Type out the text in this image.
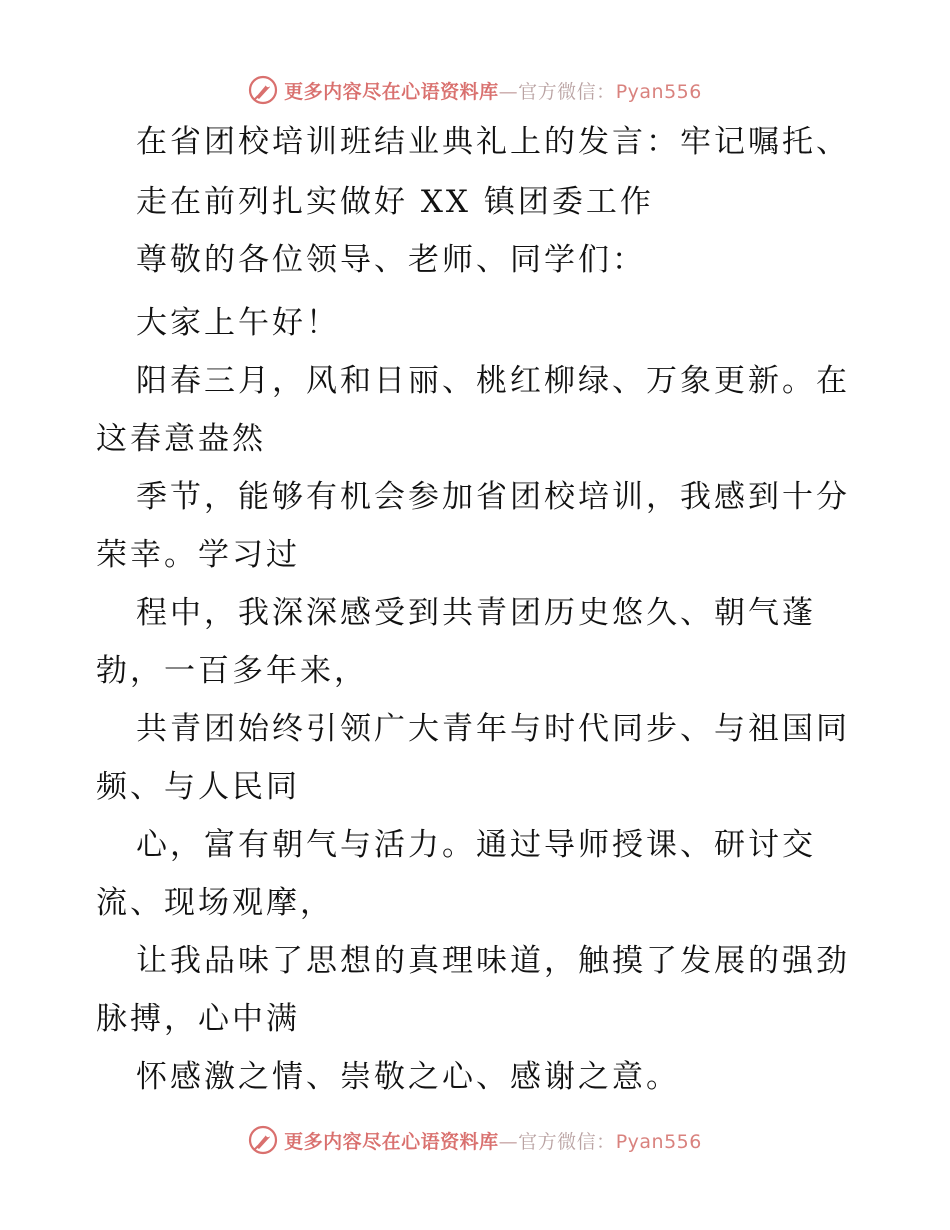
更多内容尽在心语资料库—官方微信：Pyan556
在省团校培训班结业典礼上的发言：牢记嘱托、
走在前列扎实做好 XX 镇团委工作
尊敬的各位领导、老师、同学们：
大家上午好！
阳春三月，风和日丽、桃红柳绿、万象更新。在
这春意盎然
季节，能够有机会参加省团校培训，我感到十分
荣幸。学习过
程中，我深深感受到共青团历史悠久、朝气蓬
勃，一百多年来，
共青团始终引领广大青年与时代同步、与祖国同
频、与人民同
心，富有朝气与活力。通过导师授课、研讨交
流、现场观摩，
让我品味了思想的真理味道，触摸了发展的强劲
脉搏，心中满
怀感激之情、崇敬之心、感谢之意。
更多内容尽在心语资料库—官方微信：Pyan556
